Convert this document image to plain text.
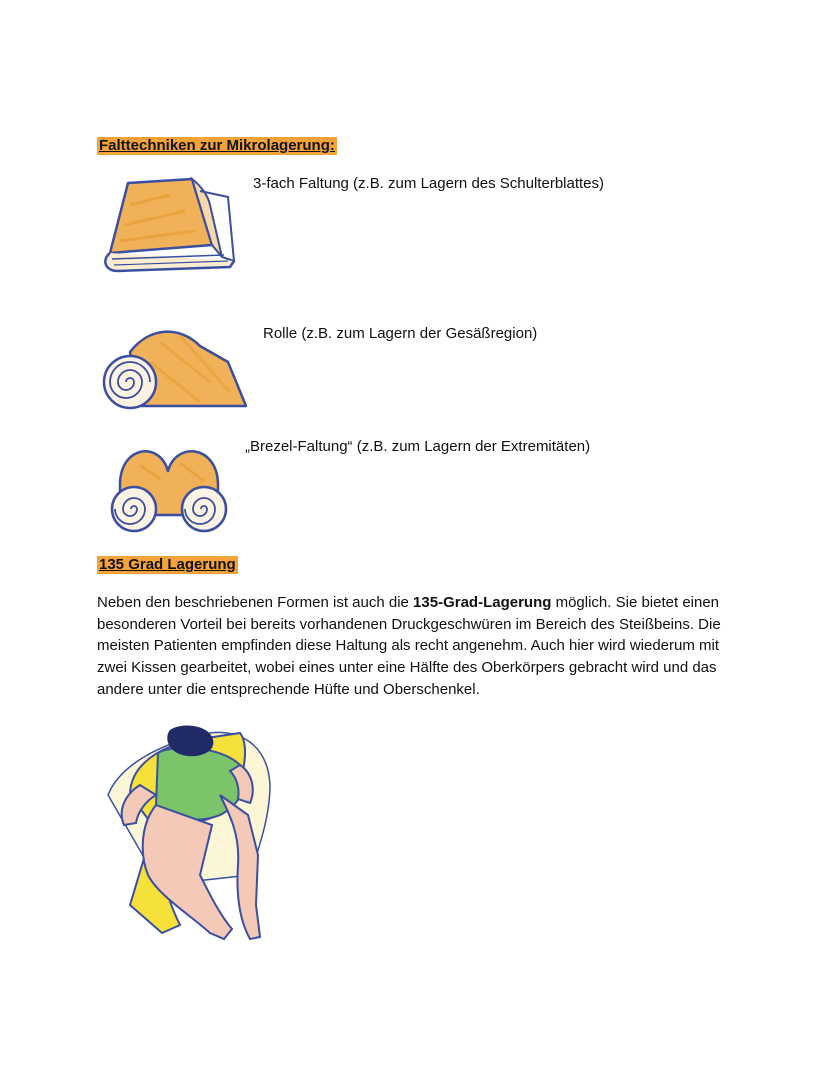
Falttechniken zur Mikrolagerung:
3-fach Faltung (z.B. zum Lagern des Schulterblattes)
Rolle (z.B. zum Lagern der Gesäßregion)
„Brezel-Faltung“ (z.B. zum Lagern der Extremitäten)
135 Grad Lagerung

Neben den beschriebenen Formen ist auch die 135-Grad-Lagerung möglich. Sie bietet einen besonderen Vorteil bei bereits vorhandenen Druckgeschwüren im Bereich des Steißbeins. Die meisten Patienten empfinden diese Haltung als recht angenehm. Auch hier wird wiederum mit zwei Kissen gearbeitet, wobei eines unter eine Hälfte des Oberkörpers gebracht wird und das andere unter die entsprechende Hüfte und Oberschenkel.
